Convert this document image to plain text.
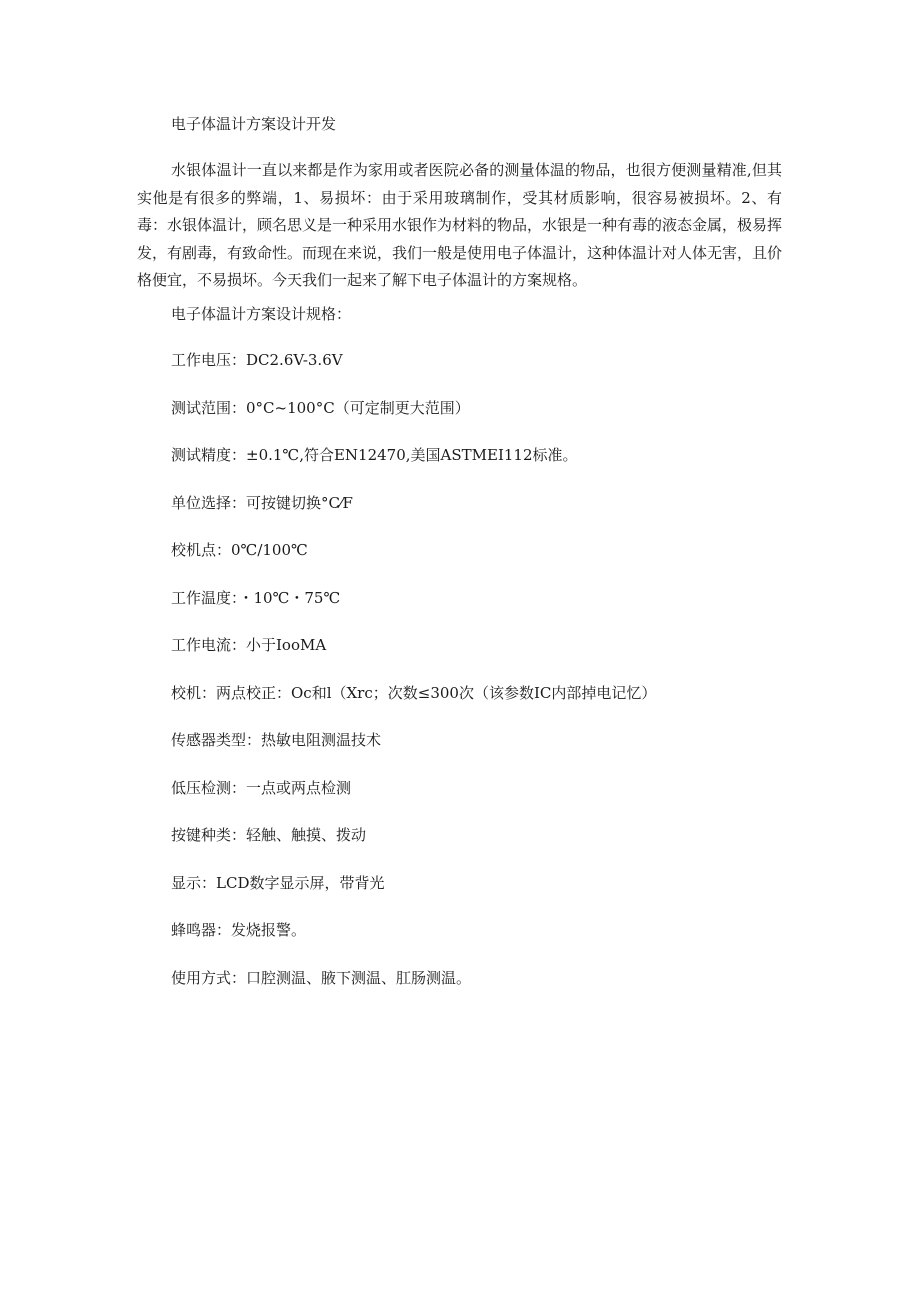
电子体温计方案设计开发

水银体温计一直以来都是作为家用或者医院必备的测量体温的物品，也很方便测量精准,但其实他是有很多的弊端，1、易损坏：由于采用玻璃制作，受其材质影响，很容易被损坏。2、有毒：水银体温计，顾名思义是一种采用水银作为材料的物品，水银是一种有毒的液态金属，极易挥发，有剧毒，有致命性。而现在来说，我们一般是使用电子体温计，这种体温计对人体无害，且价格便宜，不易损坏。今天我们一起来了解下电子体温计的方案规格。

电子体温计方案设计规格：
工作电压：DC2.6V-3.6V
测试范围：0°C~100°C（可定制更大范围）
测试精度：±0.1℃,符合EN12470,美国ASTMEI112标准。
单位选择：可按键切换°C⁄F
校机点：0℃/100℃
工作温度：・10℃・75℃
工作电流：小于IooMA
校机：两点校正：Oc和l（Xrc；次数≤300次（该参数IC内部掉电记忆）
传感器类型：热敏电阻测温技术
低压检测：一点或两点检测
按键种类：轻触、触摸、拨动
显示：LCD数字显示屏，带背光
蜂鸣器：发烧报警。
使用方式：口腔测温、腋下测温、肛肠测温。
